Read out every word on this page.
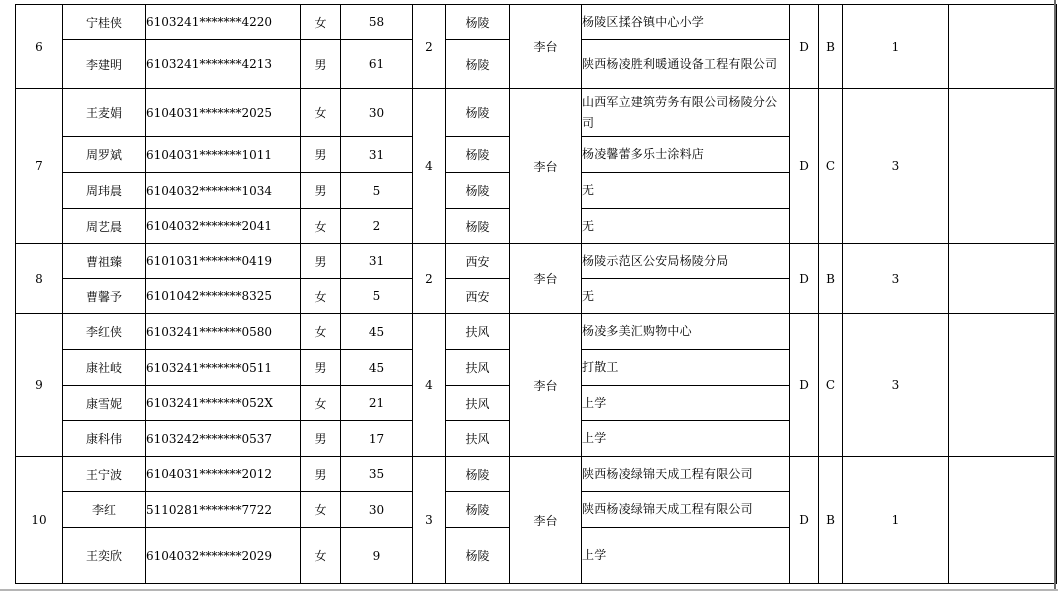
6	宁桂侠	6103241*******4220	女	58	2	杨陵	李台	杨陵区揉谷镇中心小学	D	B	1	
	李建明	6103241*******4213	男	61		杨陵		陕西杨凌胜利暖通设备工程有限公司				
7	王麦娟	6104031*******2025	女	30	4	杨陵	李台	山西军立建筑劳务有限公司杨陵分公司	D	C	3	
	周罗斌	6104031*******1011	男	31		杨陵		杨凌馨蕾多乐士涂料店				
	周玮晨	6104032*******1034	男	5		杨陵		无				
	周艺晨	6104032*******2041	女	2		杨陵		无				
8	曹祖臻	6101031*******0419	男	31	2	西安	李台	杨陵示范区公安局杨陵分局	D	B	3	
	曹馨予	6101042*******8325	女	5		西安		无				
9	李红侠	6103241*******0580	女	45	4	扶风	李台	杨凌多美汇购物中心	D	C	3	
	康社岐	6103241*******0511	男	45		扶风		打散工				
	康雪妮	6103241*******052X	女	21		扶风		上学				
	康科伟	6103242*******0537	男	17		扶风		上学				
10	王宁波	6104031*******2012	男	35	3	杨陵	李台	陕西杨凌绿锦天成工程有限公司	D	B	1	
	李红	5110281*******7722	女	30		杨陵		陕西杨凌绿锦天成工程有限公司				
	王奕欣	6104032*******2029	女	9		杨陵		上学				
